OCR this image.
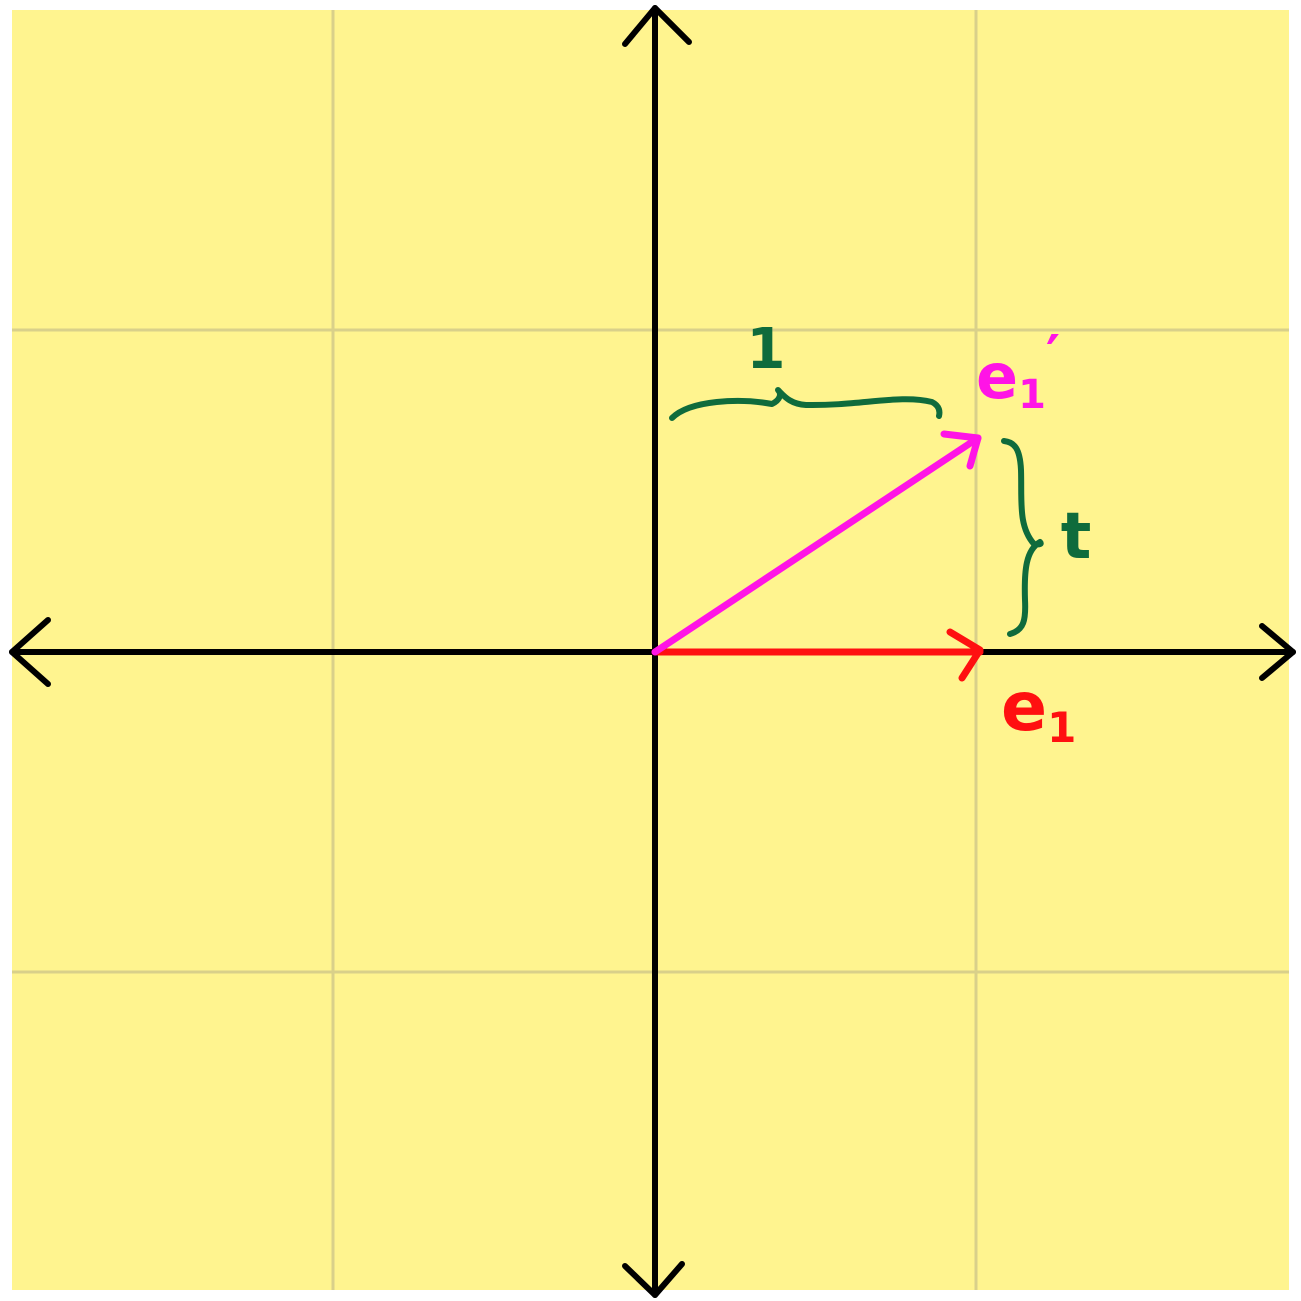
1
t
e1
e1′
